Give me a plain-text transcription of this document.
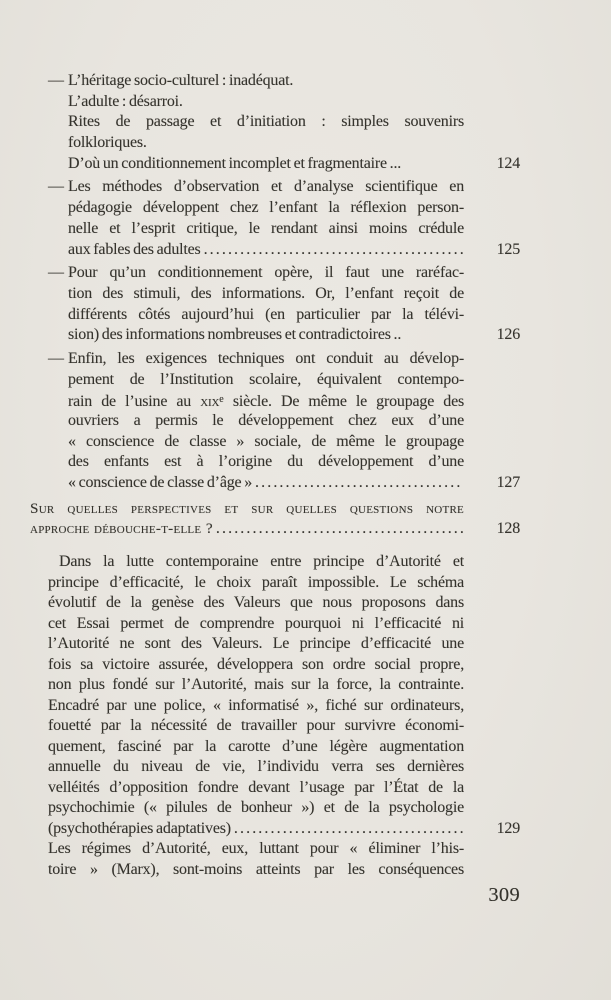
— L’héritage socio-culturel : inadéquat.
L’adulte : désarroi.
Rites de passage et d’initiation : simples souvenirs
folkloriques.
D’où un conditionnement incomplet et fragmentaire ...	124
— Les méthodes d’observation et d’analyse scientifique en
pédagogie développent chez l’enfant la réflexion person-
nelle et l’esprit critique, le rendant ainsi moins crédule
aux fables des adultes .....	125
— Pour qu’un conditionnement opère, il faut une raréfac-
tion des stimuli, des informations. Or, l’enfant reçoit de
différents côtés aujourd’hui (en particulier par la télévi-
sion) des informations nombreuses et contradictoires ..	126
— Enfin, les exigences techniques ont conduit au dévelop-
pement de l’Institution scolaire, équivalent contempo-
rain de l’usine au xix$^e$ siècle. De même le groupage des
ouvriers a permis le développement chez eux d’une
« conscience de classe » sociale, de même le groupage
des enfants est à l’origine du développement d’une
« conscience de classe d’âge » .....	127
Sur quelles perspectives et sur quelles questions notre
approche débouche-t-elle ? .....	128
Dans la lutte contemporaine entre principe d’Autorité et
principe d’efficacité, le choix paraît impossible. Le schéma
évolutif de la genèse des Valeurs que nous proposons dans
cet Essai permet de comprendre pourquoi ni l’efficacité ni
l’Autorité ne sont des Valeurs. Le principe d’efficacité une
fois sa victoire assurée, développera son ordre social propre,
non plus fondé sur l’Autorité, mais sur la force, la contrainte.
Encadré par une police, « informatisé », fiché sur ordinateurs,
fouetté par la nécessité de travailler pour survivre économi-
quement, fasciné par la carotte d’une légère augmentation
annuelle du niveau de vie, l’individu verra ses dernières
velléités d’opposition fondre devant l’usage par l’État de la
psychochimie (« pilules de bonheur ») et de la psychologie
(psychothérapies adaptatives) .....	129
Les régimes d’Autorité, eux, luttant pour « éliminer l’his-
toire » (Marx), sont-moins atteints par les conséquences
309
